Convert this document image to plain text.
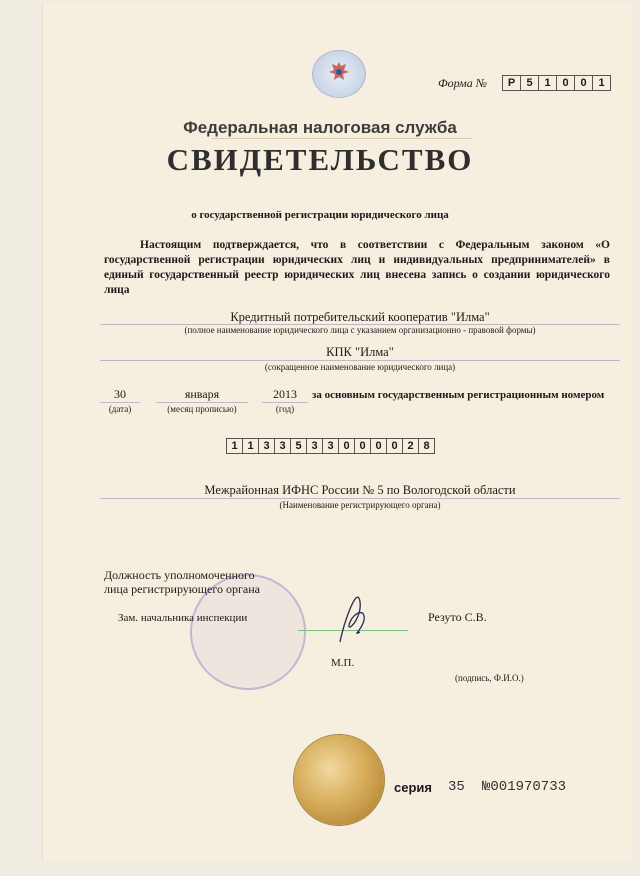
Форма №	Р	5	1	0	0	1
Федеральная налоговая служба
СВИДЕТЕЛЬСТВО
о государственной регистрации юридического лица
Настоящим подтверждается, что в соответствии с Федеральным законом «О государственной регистрации юридических лиц и индивидуальных предпринимателей» в единый государственный реестр юридических лиц внесена запись о создании юридического лица
Кредитный потребительский кооператив "Илма"
(полное наименование юридического лица с указанием организационно - правовой формы)
КПК "Илма"
(сокращенное наименование юридического лица)
30
(дата)
января
(месяц прописью)
2013
(год)
за основным государственным регистрационным номером
1 1 3 3 5 3 3 0 0 0 0 2 8
Межрайонная ИФНС России № 5 по Вологодской области
(Наименование регистрирующего органа)
Должность уполномоченного
лица регистрирующего органа
Зам. начальника инспекции	Резуто С.В.
М.П.
(подпись, Ф.И.О.)
серия 35 №001970733
